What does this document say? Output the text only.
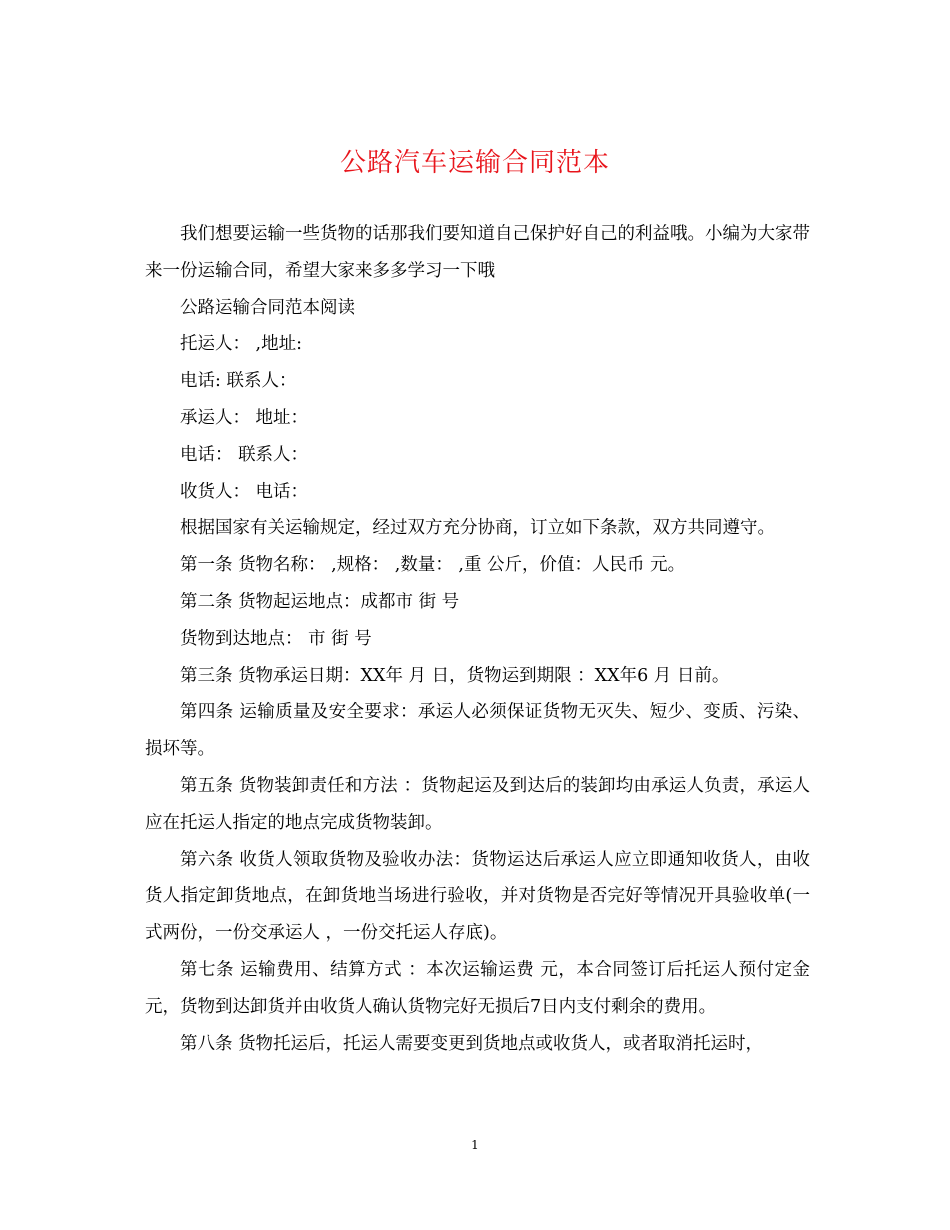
公路汽车运输合同范本

我们想要运输一些货物的话那我们要知道自己保护好自己的利益哦。小编为大家带来一份运输合同，希望大家来多多学习一下哦

公路运输合同范本阅读

托运人： ,地址:

电话: 联系人：

承运人： 地址：

电话： 联系人：

收货人： 电话：

根据国家有关运输规定，经过双方充分协商，订立如下条款，双方共同遵守。

第一条 货物名称： ,规格： ,数量： ,重 公斤，价值：人民币 元。

第二条 货物起运地点：成都市 街 号

货物到达地点： 市 街 号

第三条 货物承运日期：XX年 月 日，货物运到期限 ：XX年6 月 日前。

第四条 运输质量及安全要求：承运人必须保证货物无灭失、短少、变质、污染、损坏等。

第五条 货物装卸责任和方法 ：货物起运及到达后的装卸均由承运人负责，承运人应在托运人指定的地点完成货物装卸。

第六条 收货人领取货物及验收办法：货物运达后承运人应立即通知收货人，由收货人指定卸货地点，在卸货地当场进行验收，并对货物是否完好等情况开具验收单(一式两份，一份交承运人 ，一份交托运人存底)。

第七条 运输费用、结算方式 ：本次运输运费 元，本合同签订后托运人预付定金 元，货物到达卸货并由收货人确认货物完好无损后7日内支付剩余的费用。

第八条 货物托运后，托运人需要变更到货地点或收货人，或者取消托运时，

1
